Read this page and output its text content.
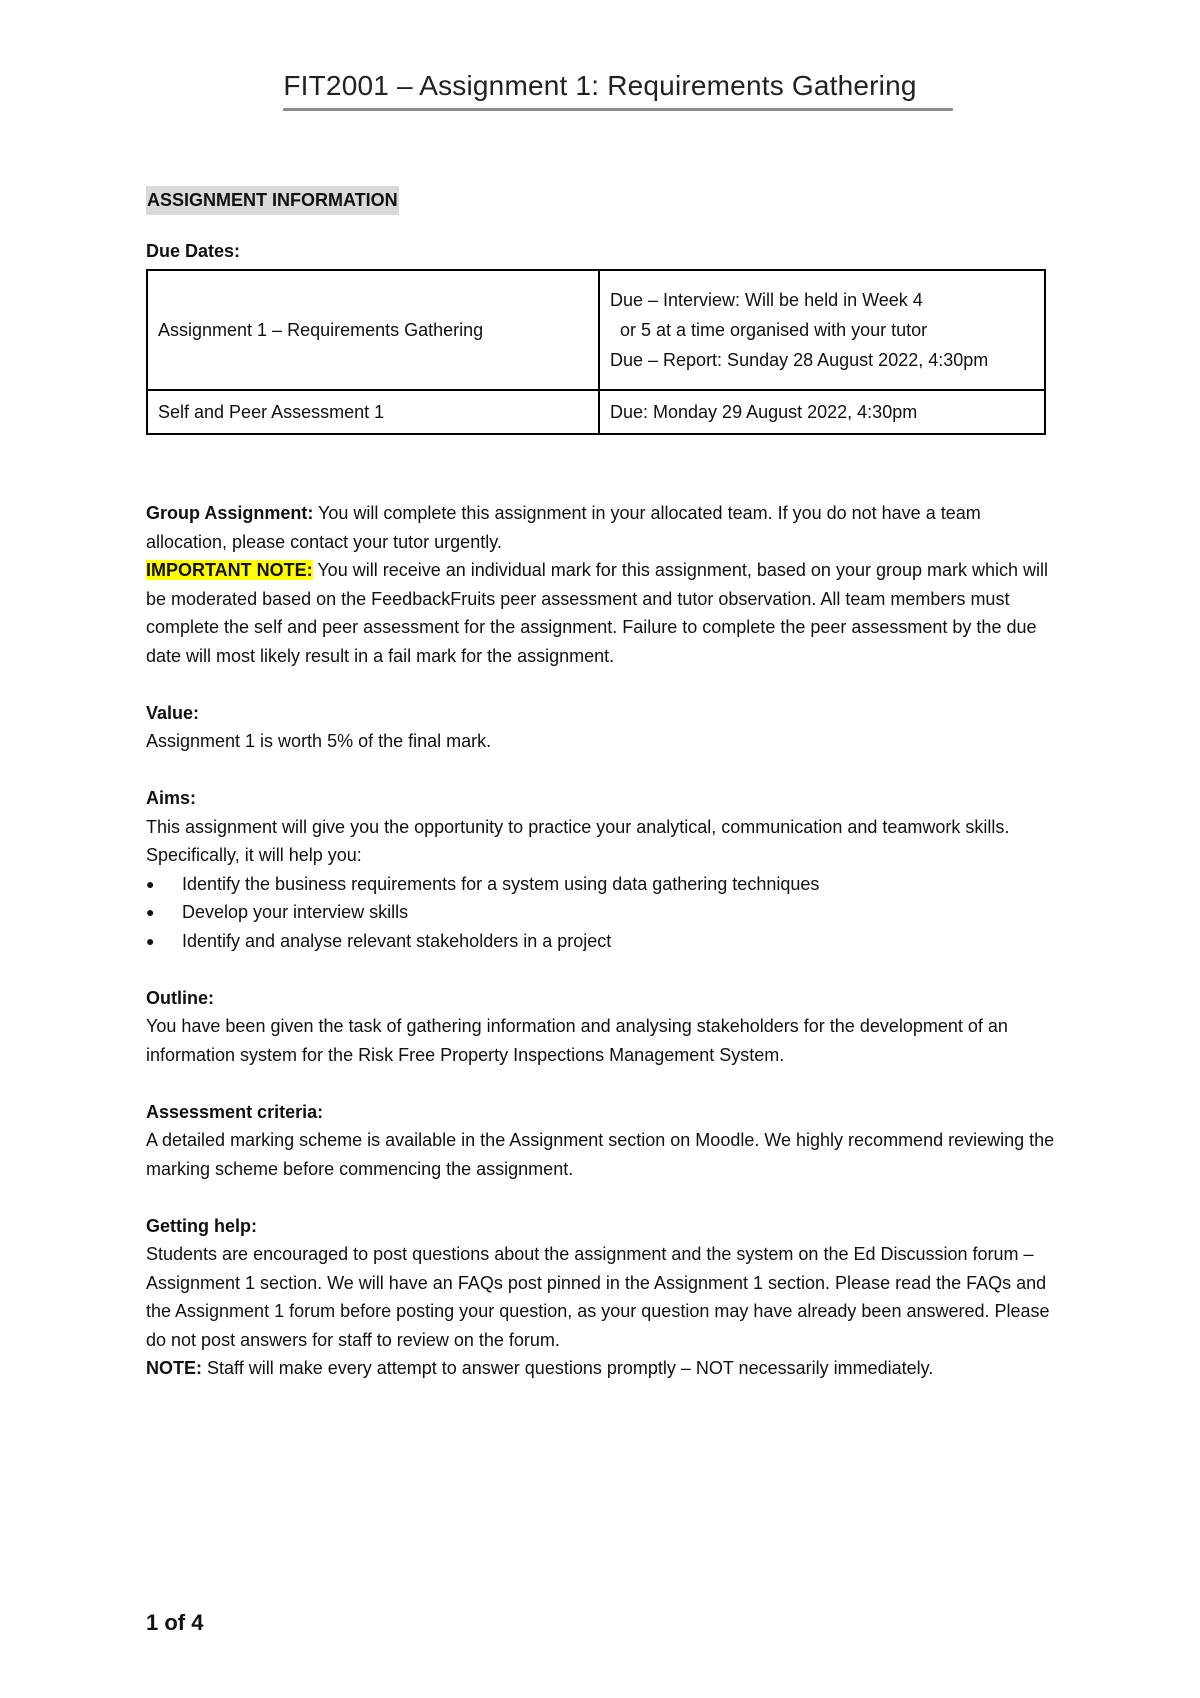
FIT2001 – Assignment 1: Requirements Gathering
ASSIGNMENT INFORMATION
Due Dates:
Assignment 1 – Requirements Gathering	Due – Interview: Will be held in Week 4
or 5 at a time organised with your tutor
Due – Report: Sunday 28 August 2022, 4:30pm

Self and Peer Assessment 1	Due: Monday 29 August 2022, 4:30pm

Group Assignment: You will complete this assignment in your allocated team. If you do not have a team allocation, please contact your tutor urgently.

IMPORTANT NOTE: You will receive an individual mark for this assignment, based on your group mark which will be moderated based on the FeedbackFruits peer assessment and tutor observation. All team members must complete the self and peer assessment for the assignment. Failure to complete the peer assessment by the due date will most likely result in a fail mark for the assignment.

Value:

Assignment 1 is worth 5% of the final mark.

Aims:

This assignment will give you the opportunity to practice your analytical, communication and teamwork skills. Specifically, it will help you:

● Identify the business requirements for a system using data gathering techniques
● Develop your interview skills
● Identify and analyse relevant stakeholders in a project
Outline:

You have been given the task of gathering information and analysing stakeholders for the development of an information system for the Risk Free Property Inspections Management System.

Assessment criteria:

A detailed marking scheme is available in the Assignment section on Moodle. We highly recommend reviewing the marking scheme before commencing the assignment.

Getting help:

Students are encouraged to post questions about the assignment and the system on the Ed Discussion forum – Assignment 1 section. We will have an FAQs post pinned in the Assignment 1 section. Please read the FAQs and the Assignment 1 forum before posting your question, as your question may have already been answered. Please do not post answers for staff to review on the forum.

NOTE: Staff will make every attempt to answer questions promptly – NOT necessarily immediately.

1 of 4
